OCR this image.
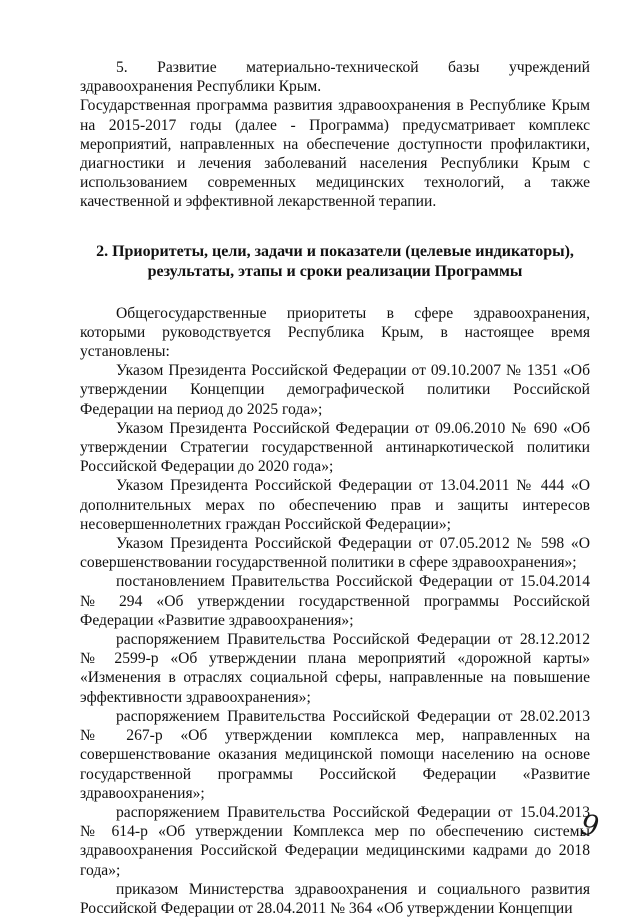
5. Развитие материально-технической базы учреждений здравоохранения Республики Крым.

Государственная программа развития здравоохранения в Республике Крым на 2015-2017 годы (далее - Программа) предусматривает комплекс мероприятий, направленных на обеспечение доступности профилактики, диагностики и лечения заболеваний населения Республики Крым с использованием современных медицинских технологий, а также качественной и эффективной лекарственной терапии.

2. Приоритеты, цели, задачи и показатели (целевые индикаторы),
результаты, этапы и сроки реализации Программы

Общегосударственные приоритеты в сфере здравоохранения, которыми руководствуется Республика Крым, в настоящее время установлены:

Указом Президента Российской Федерации от 09.10.2007 № 1351 «Об утверждении Концепции демографической политики Российской Федерации на период до 2025 года»;

Указом Президента Российской Федерации от 09.06.2010 № 690 «Об утверждении Стратегии государственной антинаркотической политики Российской Федерации до 2020 года»;

Указом Президента Российской Федерации от 13.04.2011 № 444 «О дополнительных мерах по обеспечению прав и защиты интересов несовершеннолетних граждан Российской Федерации»;

Указом Президента Российской Федерации от 07.05.2012 № 598 «О совершенствовании государственной политики в сфере здравоохранения»;

постановлением Правительства Российской Федерации от 15.04.2014 № 294 «Об утверждении государственной программы Российской Федерации «Развитие здравоохранения»;

распоряжением Правительства Российской Федерации от 28.12.2012 № 2599-р «Об утверждении плана мероприятий «дорожной карты» «Изменения в отраслях социальной сферы, направленные на повышение эффективности здравоохранения»;

распоряжением Правительства Российской Федерации от 28.02.2013 № 267-р «Об утверждении комплекса мер, направленных на совершенствование оказания медицинской помощи населению на основе государственной программы Российской Федерации «Развитие здравоохранения»;

распоряжением Правительства Российской Федерации от 15.04.2013 № 614-р «Об утверждении Комплекса мер по обеспечению системы здравоохранения Российской Федерации медицинскими кадрами до 2018 года»;

приказом Министерства здравоохранения и социального развития Российской Федерации от 28.04.2011 № 364 «Об утверждении Концепции

9
